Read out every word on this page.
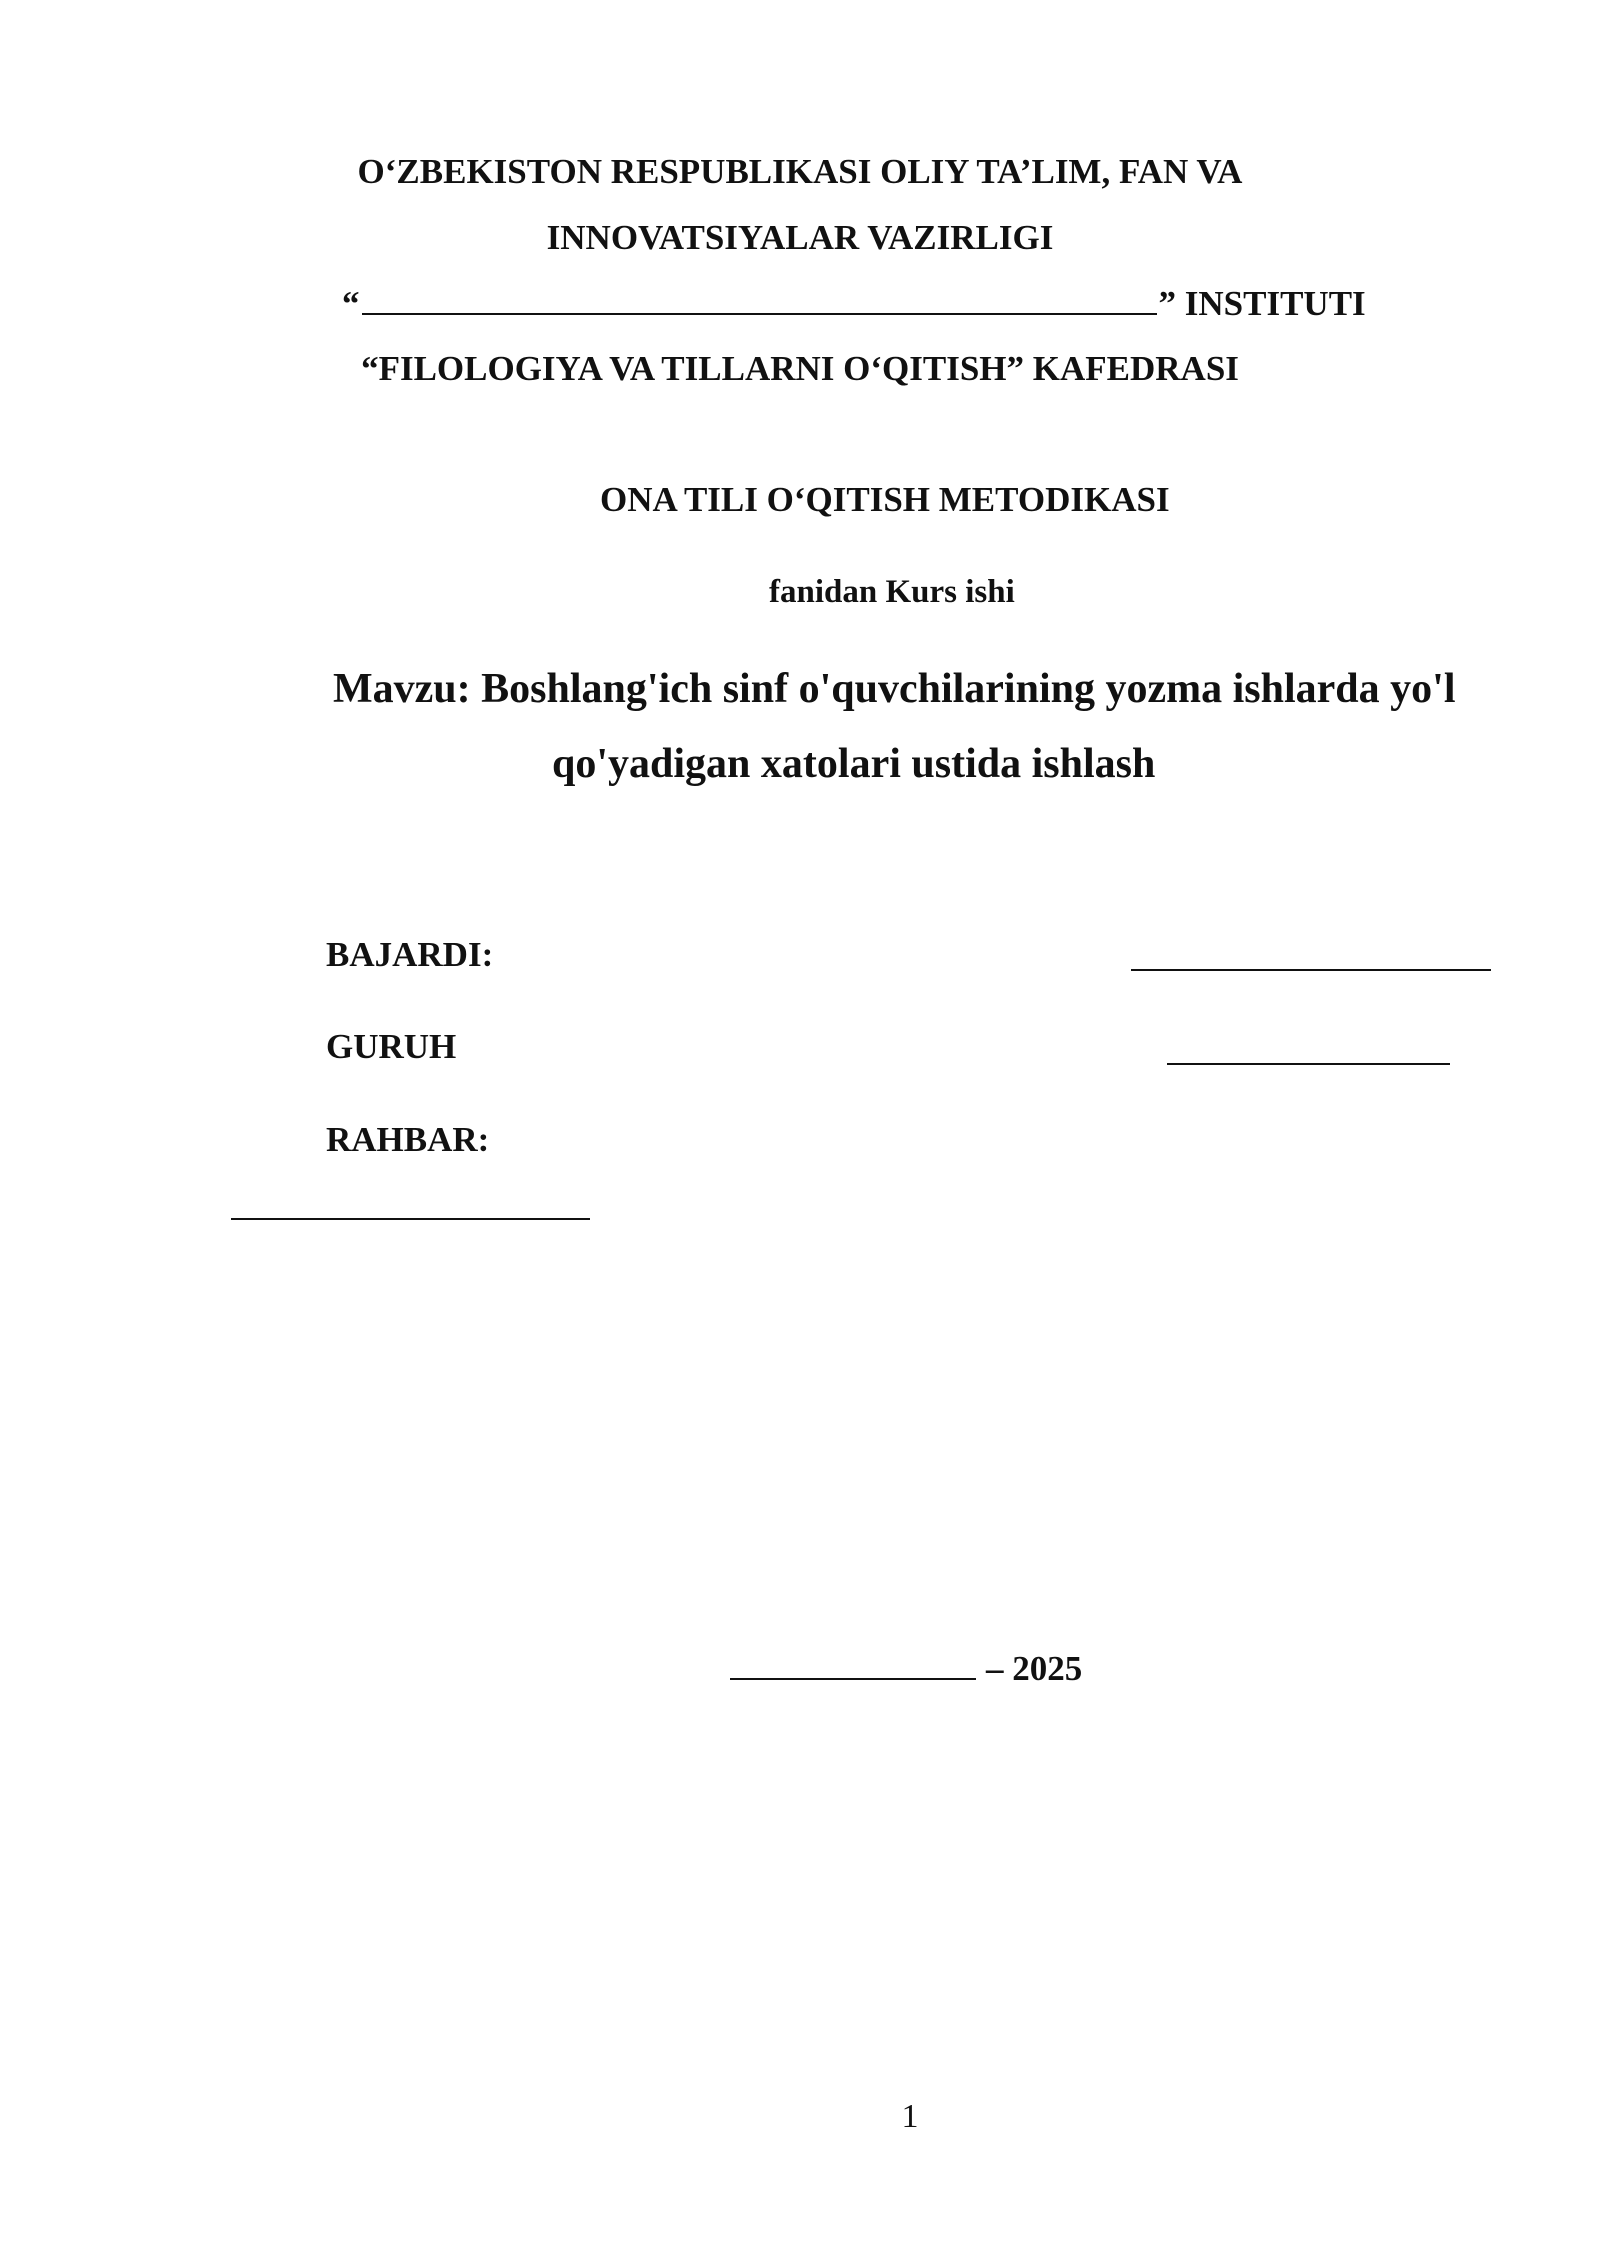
O‘ZBEKISTON RESPUBLIKASI OLIY TA’LIM, FAN VA
INNOVATSIYALAR VAZIRLIGI
“	” INSTITUTI
“FILOLOGIYA VA TILLARNI O‘QITISH” KAFEDRASI
ONA TILI O‘QITISH METODIKASI
fanidan Kurs ishi
Mavzu: Boshlang'ich sinf o'quvchilarining yozma ishlarda yo'l
qo'yadigan xatolari ustida ishlash
BAJARDI:
GURUH
RAHBAR:
– 2025
1
